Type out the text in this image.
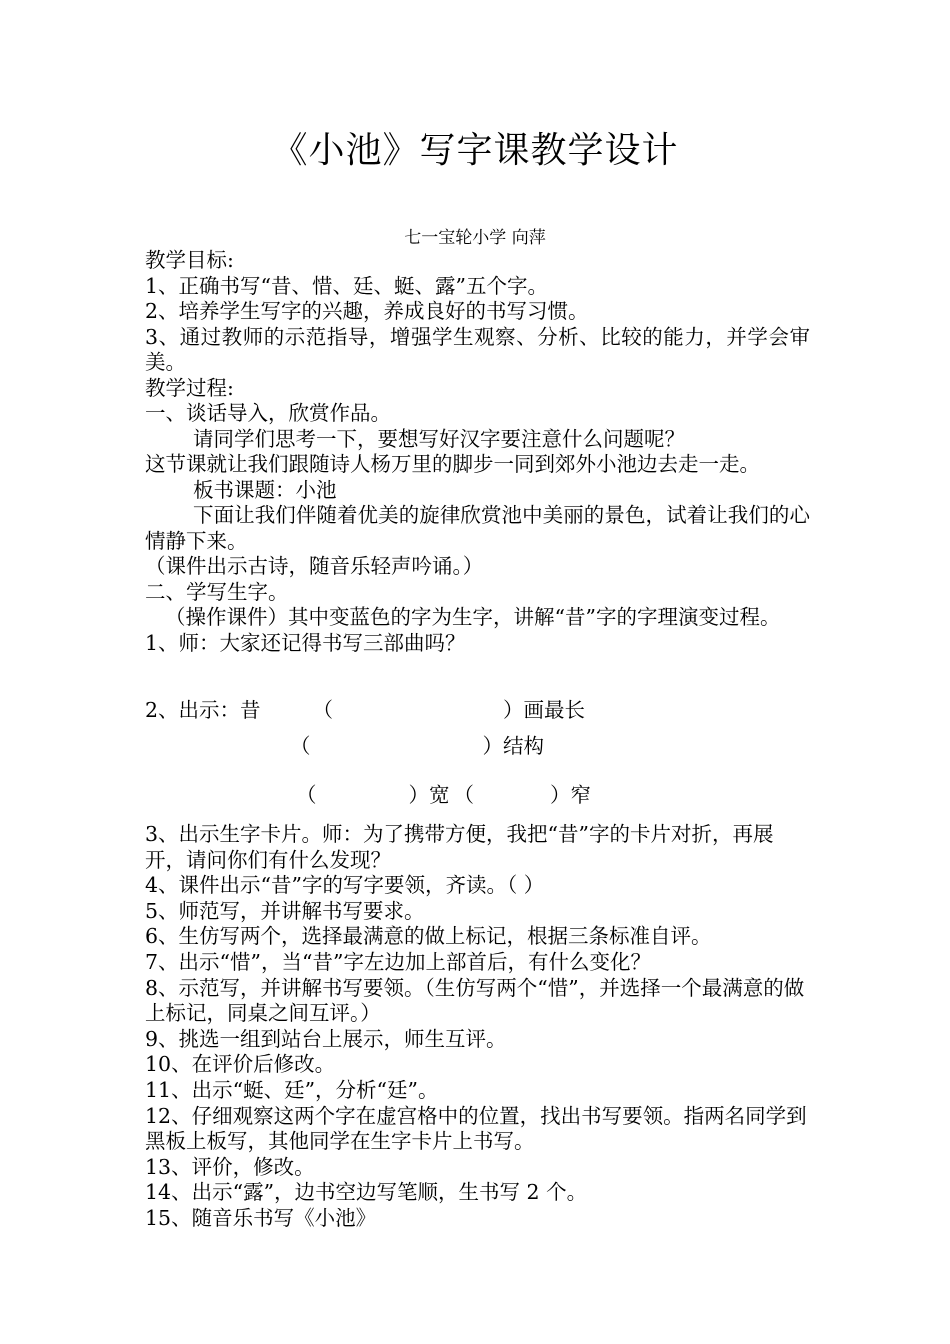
《小池》写字课教学设计
七一宝轮小学 向萍

教学目标:

1、正确书写“昔、惜、廷、蜓、露”五个字。

2、培养学生写字的兴趣，养成良好的书写习惯。

3、通过教师的示范指导，增强学生观察、分析、比较的能力，并学会审美。

教学过程:

一、谈话导入，欣赏作品。

请同学们思考一下，要想写好汉字要注意什么问题呢？

这节课就让我们跟随诗人杨万里的脚步一同到郊外小池边去走一走。

板书课题：小池

下面让我们伴随着优美的旋律欣赏池中美丽的景色，试着让我们的心情静下来。

（课件出示古诗，随音乐轻声吟诵。）

二、学写生字。

（操作课件）其中变蓝色的字为生字，讲解“昔”字的字理演变过程。

1、师：大家还记得书写三部曲吗？

2、出示：昔	（	）画最长
（	）结构
（	）宽 （	）窄

3、出示生字卡片。师：为了携带方便，我把“昔”字的卡片对折，再展开，请问你们有什么发现？

4、课件出示“昔”字的写字要领，齐读。（ ）

5、师范写，并讲解书写要求。

6、生仿写两个，选择最满意的做上标记，根据三条标准自评。

7、出示“惜”，当“昔”字左边加上部首后，有什么变化？

8、示范写，并讲解书写要领。（生仿写两个“惜”，并选择一个最满意的做上标记，同桌之间互评。）

9、挑选一组到站台上展示，师生互评。

10、在评价后修改。

11、出示“蜓、廷”，分析“廷”。

12、仔细观察这两个字在虚宫格中的位置，找出书写要领。指两名同学到黑板上板写，其他同学在生字卡片上书写。

13、评价，修改。

14、出示“露”，边书空边写笔顺，生书写 2 个。

15、随音乐书写《小池》
